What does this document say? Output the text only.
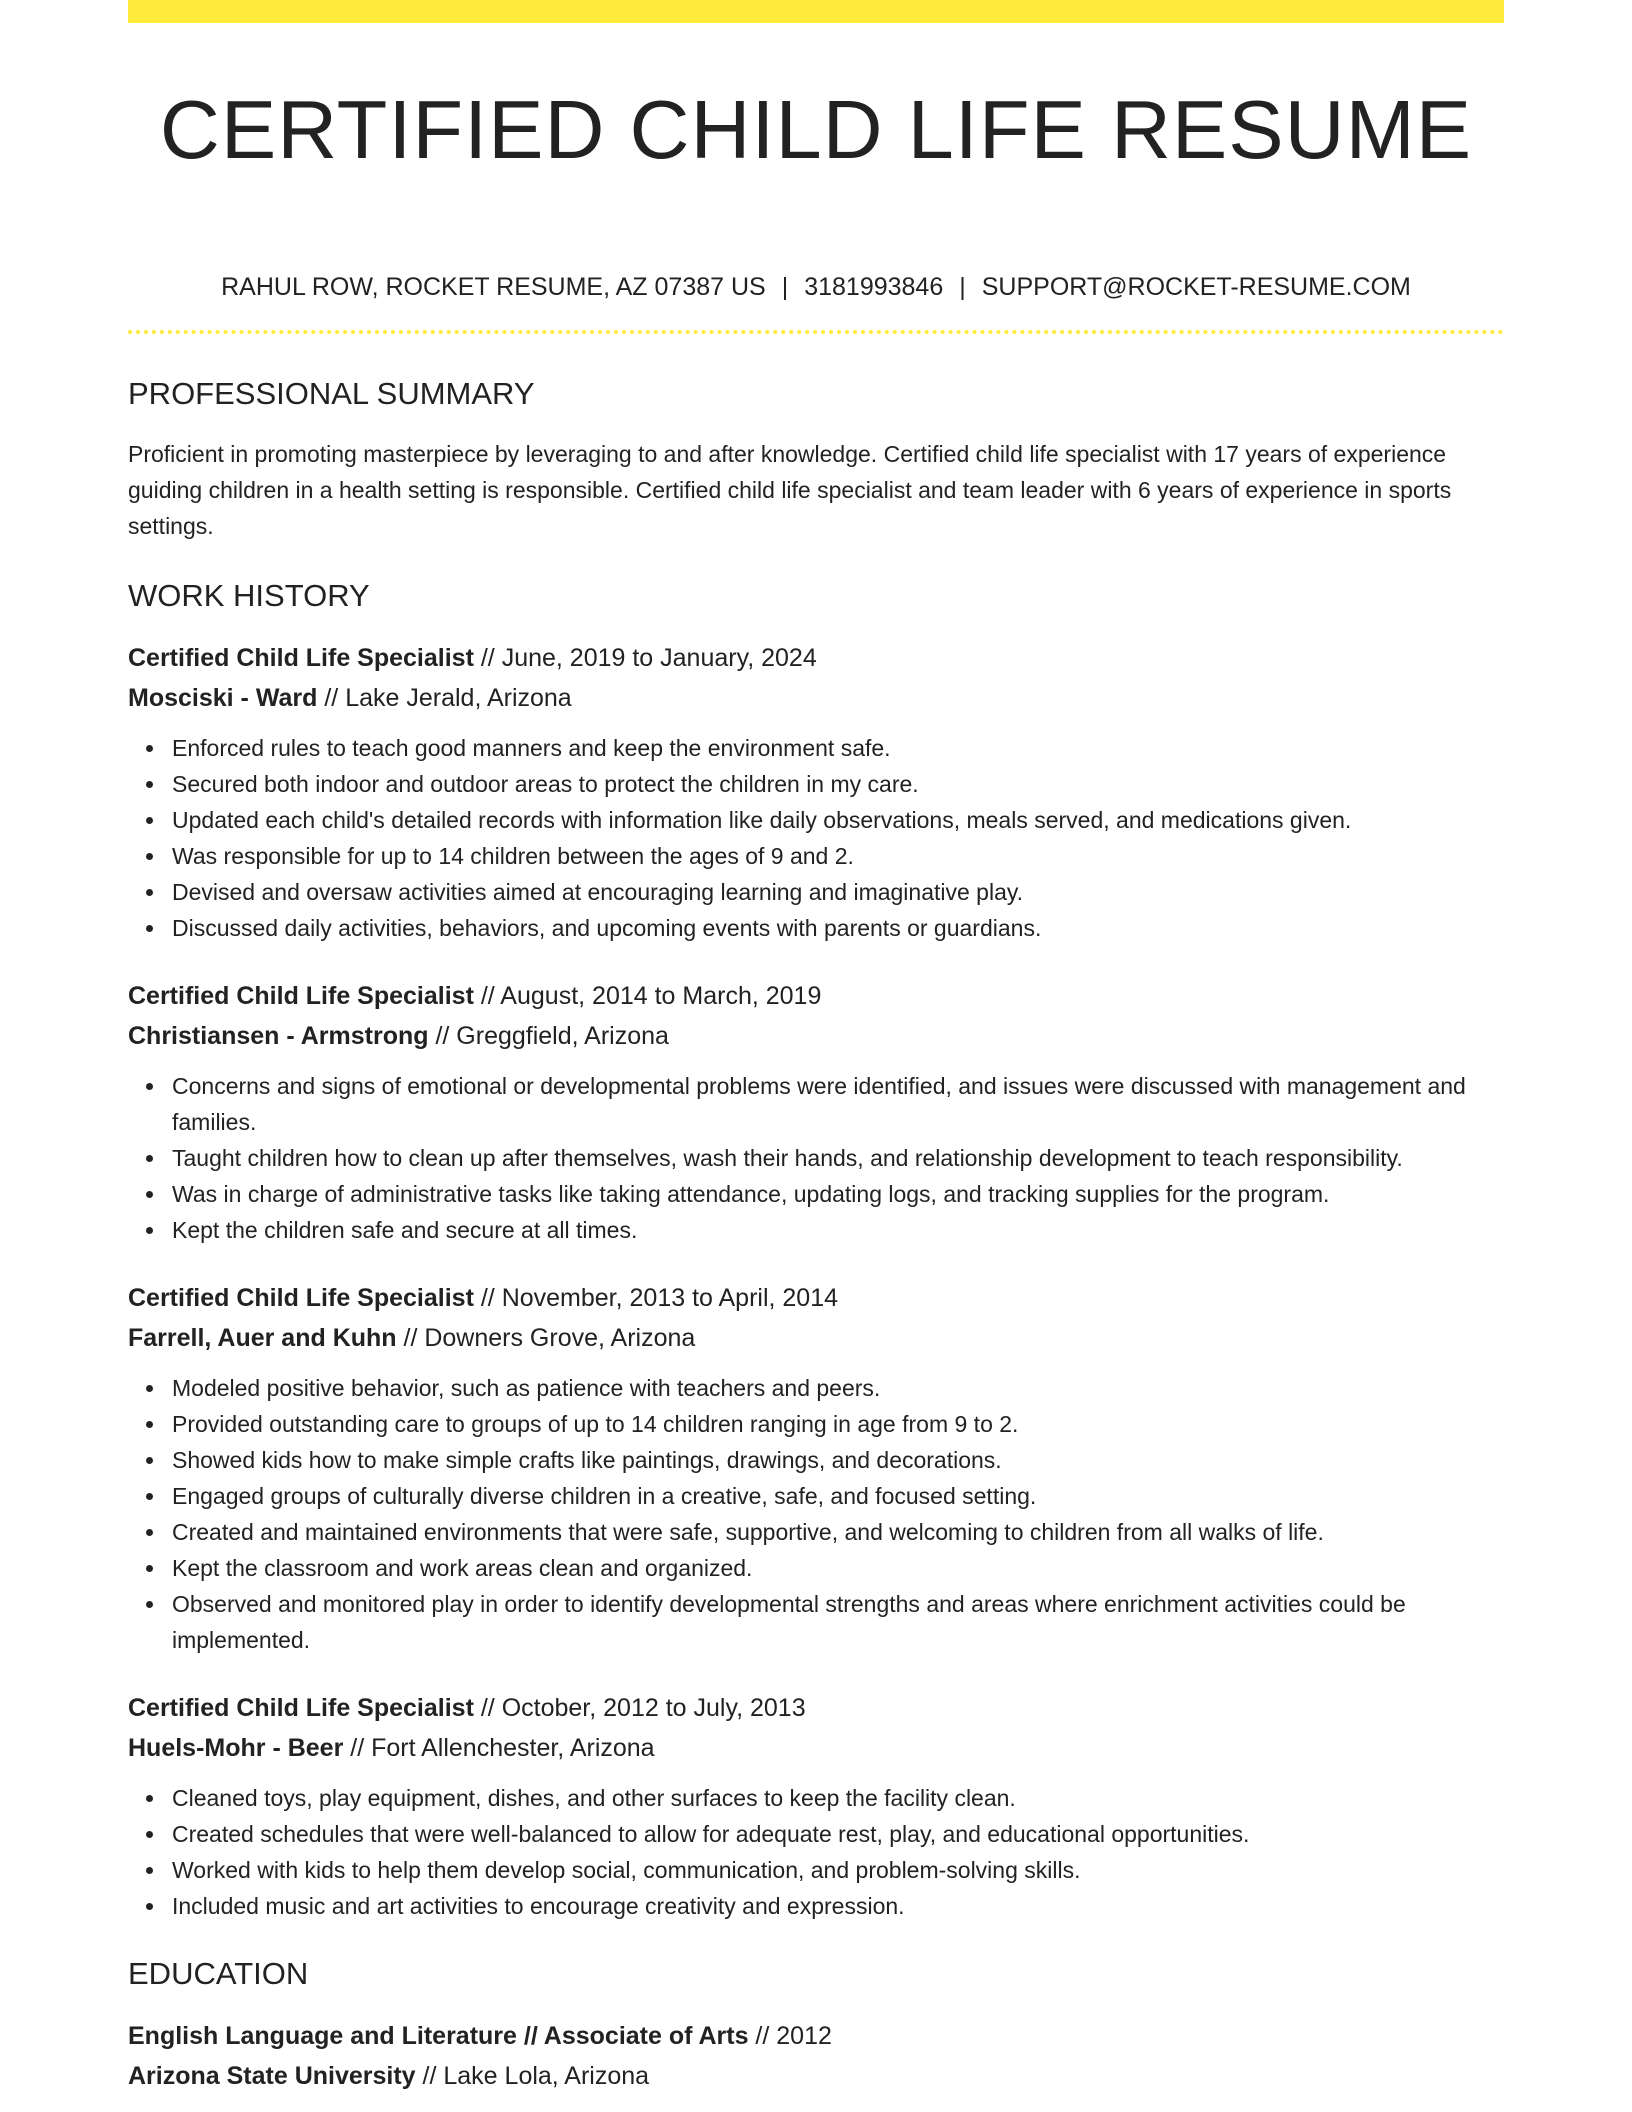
CERTIFIED CHILD LIFE RESUME
RAHUL ROW, ROCKET RESUME, AZ 07387 US | 3181993846 | SUPPORT@ROCKET-RESUME.COM
PROFESSIONAL SUMMARY

Proficient in promoting masterpiece by leveraging to and after knowledge. Certified child life specialist with 17 years of experience guiding children in a health setting is responsible. Certified child life specialist and team leader with 6 years of experience in sports settings.

WORK HISTORY
Certified Child Life Specialist // June, 2019 to January, 2024
Mosciski - Ward // Lake Jerald, Arizona
Enforced rules to teach good manners and keep the environment safe.
Secured both indoor and outdoor areas to protect the children in my care.
Updated each child's detailed records with information like daily observations, meals served, and medications given.
Was responsible for up to 14 children between the ages of 9 and 2.
Devised and oversaw activities aimed at encouraging learning and imaginative play.
Discussed daily activities, behaviors, and upcoming events with parents or guardians.
Certified Child Life Specialist // August, 2014 to March, 2019
Christiansen - Armstrong // Greggfield, Arizona
Concerns and signs of emotional or developmental problems were identified, and issues were discussed with management and families.
Taught children how to clean up after themselves, wash their hands, and relationship development to teach responsibility.
Was in charge of administrative tasks like taking attendance, updating logs, and tracking supplies for the program.
Kept the children safe and secure at all times.
Certified Child Life Specialist // November, 2013 to April, 2014
Farrell, Auer and Kuhn // Downers Grove, Arizona
Modeled positive behavior, such as patience with teachers and peers.
Provided outstanding care to groups of up to 14 children ranging in age from 9 to 2.
Showed kids how to make simple crafts like paintings, drawings, and decorations.
Engaged groups of culturally diverse children in a creative, safe, and focused setting.
Created and maintained environments that were safe, supportive, and welcoming to children from all walks of life.
Kept the classroom and work areas clean and organized.
Observed and monitored play in order to identify developmental strengths and areas where enrichment activities could be implemented.
Certified Child Life Specialist // October, 2012 to July, 2013
Huels-Mohr - Beer // Fort Allenchester, Arizona
Cleaned toys, play equipment, dishes, and other surfaces to keep the facility clean.
Created schedules that were well-balanced to allow for adequate rest, play, and educational opportunities.
Worked with kids to help them develop social, communication, and problem-solving skills.
Included music and art activities to encourage creativity and expression.
EDUCATION
English Language and Literature // Associate of Arts // 2012
Arizona State University // Lake Lola, Arizona
